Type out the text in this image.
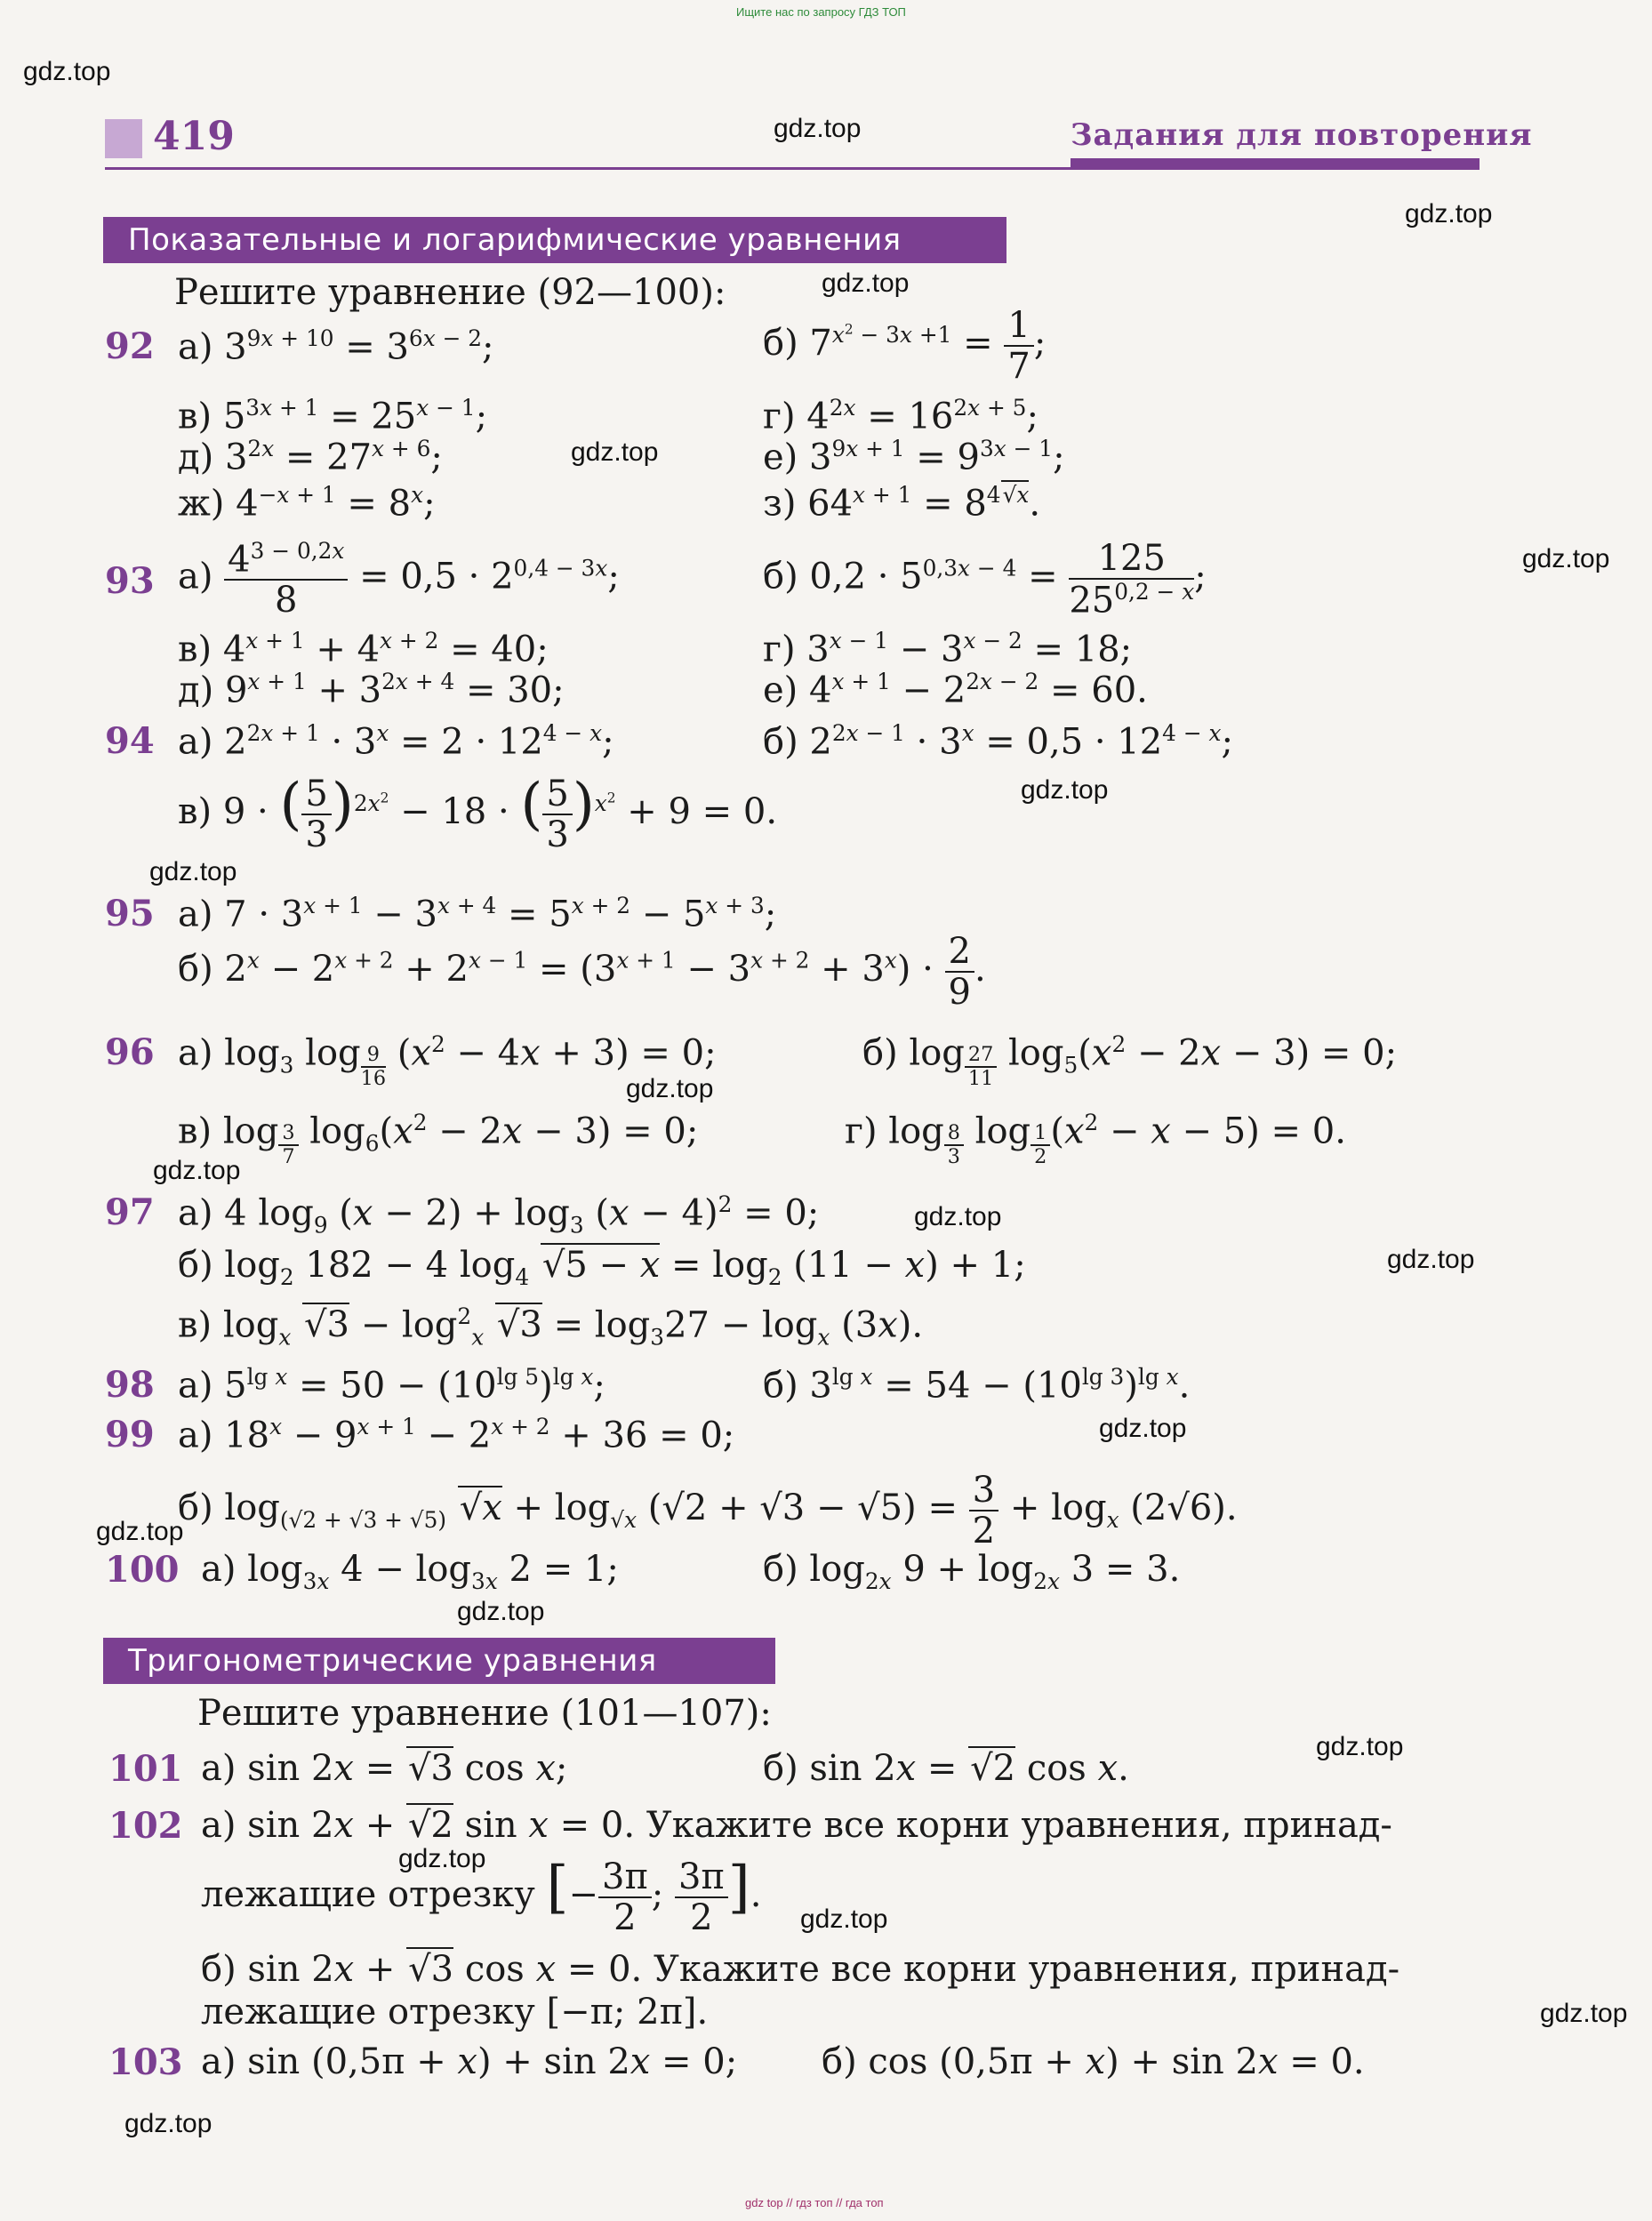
Ищите нас по запросу ГДЗ ТОП
gdz top // гдз топ // гда топ
419	Задания для повторения
Показательные и логарифмические уравнения
Решите уравнение (92—100):
92 а) $3^{9x + 10} = 3^{6x - 2}$;	б) $7^{x^2 - 3x +1} = \frac{1}{7}$ ;
в) $5^{3x + 1} = 25^{x - 1}$;	г) $4^{2x} = 16^{2x + 5}$;
д) $3^{2x} = 27^{x + 6}$;	е) $3^{9x + 1} = 9^{3x - 1}$;
ж) $4^{-x + 1} = 8^x$;	з) $64^{x + 1} = 8^{4√x}$.
93 $а) \frac{4^{3 - 0,2x}}{8} = 0,5 \cdot 2^{0,4 - 3x}$;	б) $0,2 \cdot 5^{0,3x - 4} = \frac{125}{25^{0,2 - x}}$ ;
в) $4^{x + 1} + 4^{x + 2} = 40$;	г) $3^{x - 1} - 3^{x - 2} = 18$;
д) $9^{x + 1} + 3^{2x + 4} = 30$;	е) $4^{x + 1} - 2^{2x - 2} = 60$.
94 а) $2^{2x + 1} \cdot 3^x = 2 \cdot 12^{4 - x}$;	б) $2^{2x - 1} \cdot 3^x = 0,5 \cdot 12^{4 - x}$;
в) 9 · ( $\frac{5}{3} )^{2x^2} - 18$ · ( $\frac{5}{3} )^{x^2} + 9 = 0$.
95 а) $7 \cdot 3^{x + 1} - 3^{x + 4} = 5^{x + 2} - 5^{x + 3}$;
б) $2^x - 2^{x + 2} + 2^{x - 1} = (3^{x + 1} - 3^{x + 2} + 3^x) \cdot \frac{2}{9}$ .
96 а) $\log_3 \log _{\frac{9}{16}}$ $(x^2 - 4x + 3) = 0$;	б) log $_{\frac{27}{11}}$ $\log_5(x^2 - 2x - 3) = 0$;
в) log $_{\frac{3}{7}}$ $\log_6(x^2 - 2x - 3) = 0$;	г) log $_{\frac{8}{3}}$ log $_{\frac{1}{2}}$ $(x^2 - x - 5) = 0$.
97 а) 4 $\log_9 (x - 2) + \log_3 (x - 4)^2 = 0$;
б) $\log_2 182 - 4$ $\log_4 √5 - x = \log_2 (11 - x) + 1$;
в) $\log_x √3 - \log^2_x √3 = \log_327 - \log_x (3x)$.
98 а) $5^{lg x} = 50 - (10^{lg 5})^{lg x}$;	б) $3^{lg x} = 54 - (10^{lg 3})^{lg x}$.
99 а) $18^x - 9^{x + 1} - 2^{x + 2} + 36 = 0$;
б) $\log_{(√2 + √3 + √5)} √x + \log_{√x} (√2 + √3 - √5) = \frac{3}{2} + \log_x (2√6)$.
100 а) $\log_{3x} 4 - \log_{3x} 2 = 1$;	б) $\log_{2x} 9 + \log_{2x} 3 = 3$.
Тригонометрические уравнения
Решите уравнение (101—107):
101 а) sin 2x = √3 cos x;	б) sin 2x = √2 cos x.
102 а) sin 2x + √2 sin x = 0. Укажите все корни уравнения, принад-
лежащие отрезку [− $\frac{3\pi}{2}$ ; $\frac{3\pi}{2}$ ].
б) sin 2x + √3 cos x = 0. Укажите все корни уравнения, принад-
лежащие отрезку [−π; 2π].
103 а) sin (0,5π + x) + sin 2x = 0; б) cos (0,5π + x) + sin 2x = 0.
gdz.top
gdz.top
gdz.top
gdz.top
gdz.top
gdz.top
gdz.top
gdz.top
gdz.top
gdz.top
gdz.top
gdz.top
gdz.top
gdz.top
gdz.top
gdz.top
gdz.top
gdz.top
gdz.top
gdz.top
